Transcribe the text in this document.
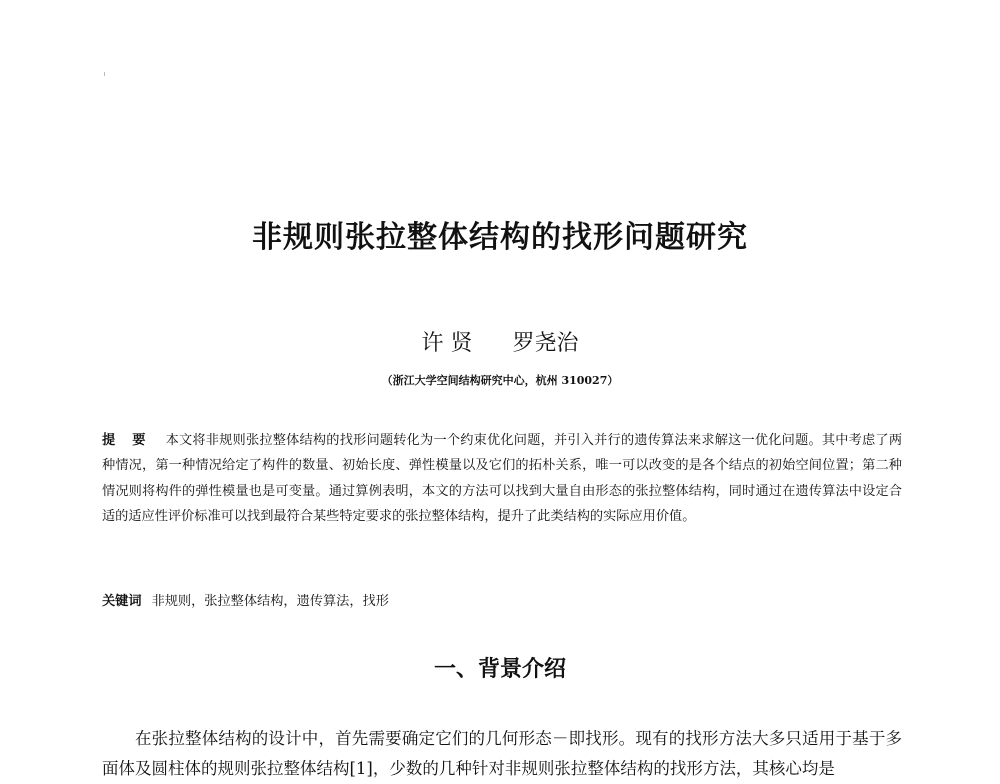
非规则张拉整体结构的找形问题研究
许 贤 罗尧治
（浙江大学空间结构研究中心，杭州 310027）
提 要 本文将非规则张拉整体结构的找形问题转化为一个约束优化问题，并引入并行的遗传算法来求解这一优化问题。其中考虑了两种情况，第一种情况给定了构件的数量、初始长度、弹性模量以及它们的拓朴关系，唯一可以改变的是各个结点的初始空间位置；第二种情况则将构件的弹性模量也是可变量。通过算例表明，本文的方法可以找到大量自由形态的张拉整体结构，同时通过在遗传算法中设定合适的适应性评价标准可以找到最符合某些特定要求的张拉整体结构，提升了此类结构的实际应用价值。
关键词 非规则，张拉整体结构，遗传算法，找形
一、背景介绍
在张拉整体结构的设计中，首先需要确定它们的几何形态－即找形。现有的找形方法大多只适用于基于多面体及圆柱体的规则张拉整体结构[1]，少数的几种针对非规则张拉整体结构的找形方法，其核心均是
